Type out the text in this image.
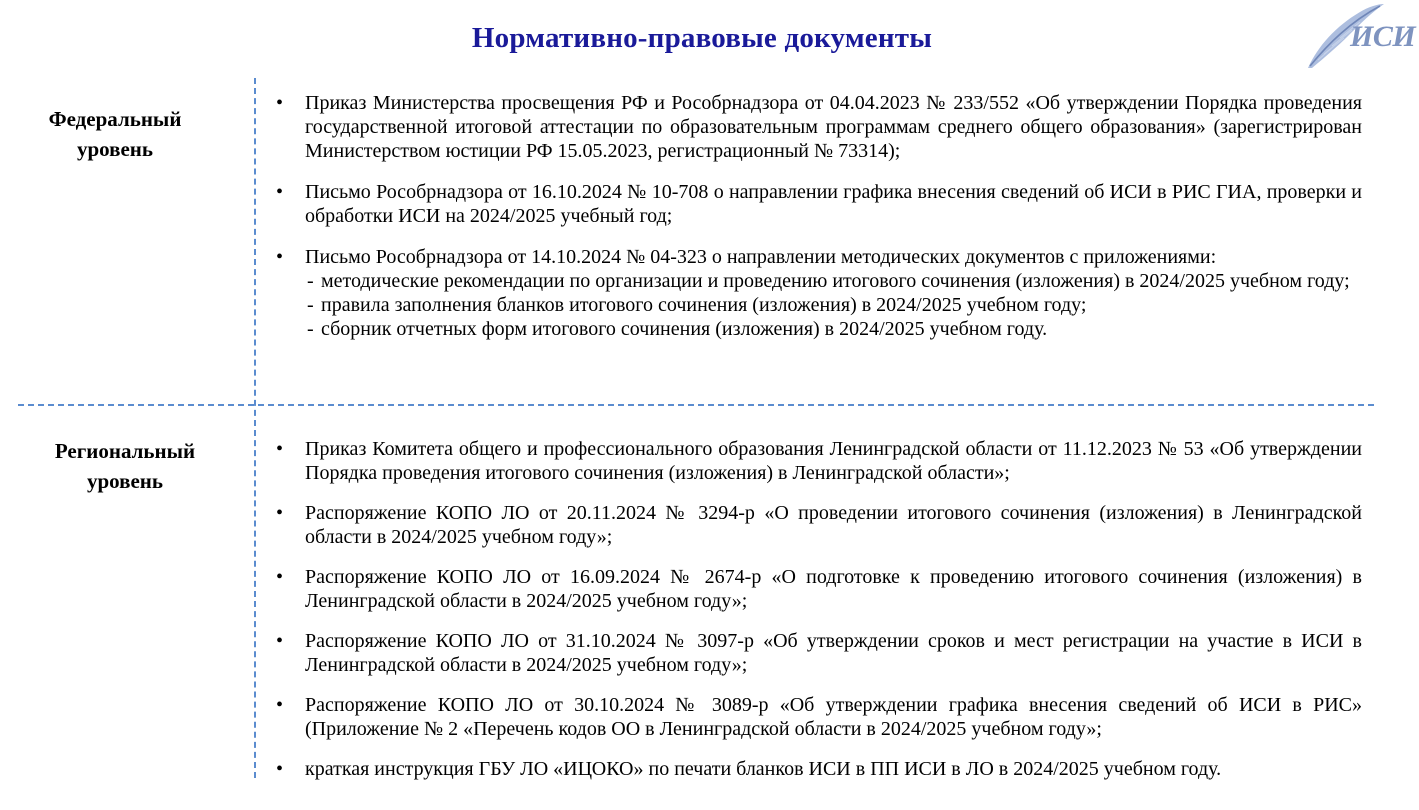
Нормативно-правовые документы	ИСИ
Федеральный
уровень
• Приказ Министерства просвещения РФ и Рособрнадзора от 04.04.2023 № 233/552 «Об утверждении Порядка проведения государственной итоговой аттестации по образовательным программам среднего общего образования» (зарегистрирован Министерством юстиции РФ 15.05.2023, регистрационный № 73314);
• Письмо Рособрнадзора от 16.10.2024 № 10-708 о направлении графика внесения сведений об ИСИ в РИС ГИА, проверки и обработки ИСИ на 2024/2025 учебный год;
• Письмо Рособрнадзора от 14.10.2024 № 04-323 о направлении методических документов с приложениями:
- методические рекомендации по организации и проведению итогового сочинения (изложения) в 2024/2025 учебном году;
- правила заполнения бланков итогового сочинения (изложения) в 2024/2025 учебном году;
- сборник отчетных форм итогового сочинения (изложения) в 2024/2025 учебном году.
Региональный
уровень
• Приказ Комитета общего и профессионального образования Ленинградской области от 11.12.2023 № 53 «Об утверждении Порядка проведения итогового сочинения (изложения) в Ленинградской области»;
• Распоряжение КОПО ЛО от 20.11.2024 № 3294-р «О проведении итогового сочинения (изложения) в Ленинградской области в 2024/2025 учебном году»;
• Распоряжение КОПО ЛО от 16.09.2024 № 2674-р «О подготовке к проведению итогового сочинения (изложения) в Ленинградской области в 2024/2025 учебном году»;
• Распоряжение КОПО ЛО от 31.10.2024 № 3097-р «Об утверждении сроков и мест регистрации на участие в ИСИ в Ленинградской области в 2024/2025 учебном году»;
• Распоряжение КОПО ЛО от 30.10.2024 № 3089-р «Об утверждении графика внесения сведений об ИСИ в РИС» (Приложение № 2 «Перечень кодов ОО в Ленинградской области в 2024/2025 учебном году»;
• краткая инструкция ГБУ ЛО «ИЦОКО» по печати бланков ИСИ в ПП ИСИ в ЛО в 2024/2025 учебном году.
